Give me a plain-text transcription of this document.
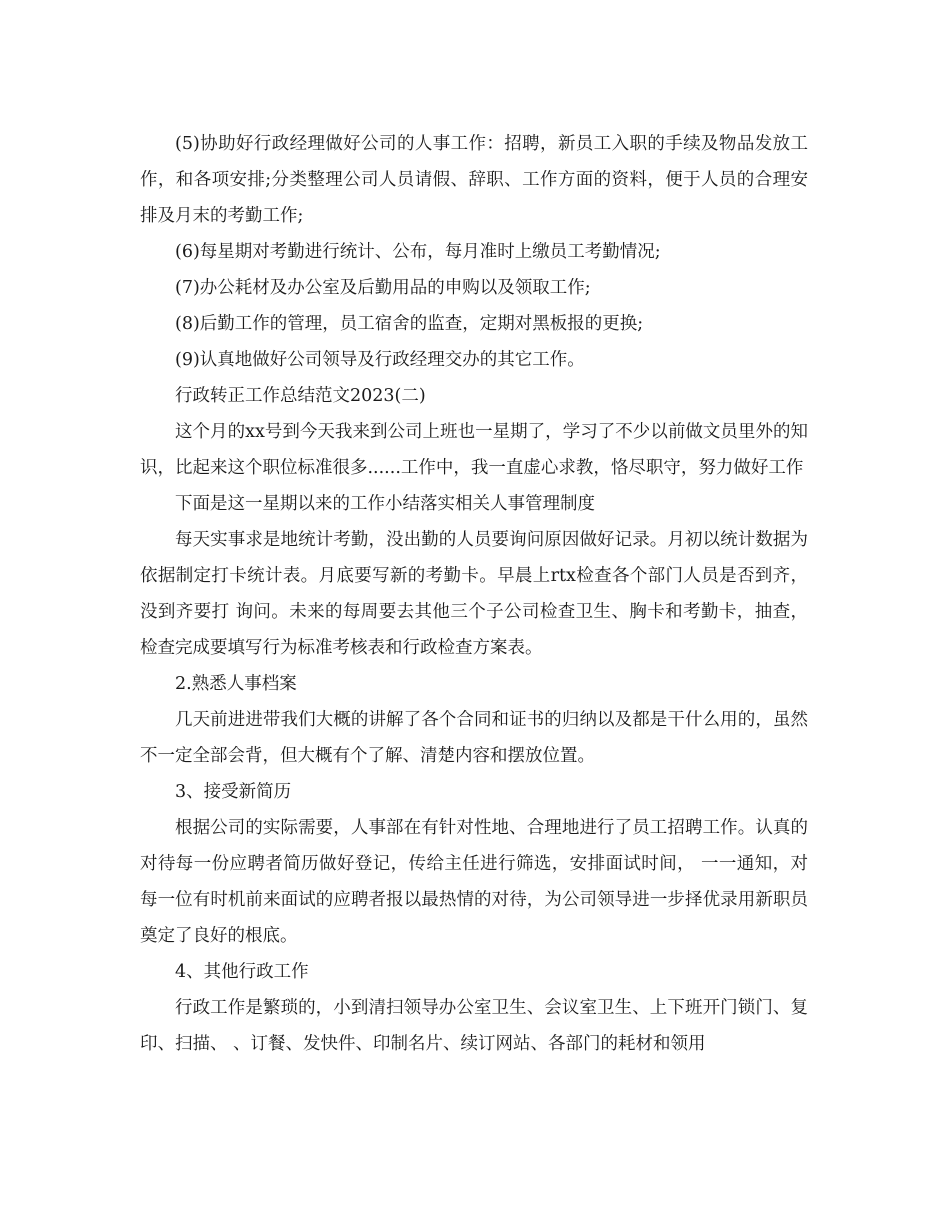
(5)协助好行政经理做好公司的人事工作：招聘，新员工入职的手续及物品发放工作，和各项安排;分类整理公司人员请假、辞职、工作方面的资料，便于人员的合理安排及月末的考勤工作;

(6)每星期对考勤进行统计、公布，每月准时上缴员工考勤情况;

(7)办公耗材及办公室及后勤用品的申购以及领取工作;

(8)后勤工作的管理，员工宿舍的监查，定期对黑板报的更换;

(9)认真地做好公司领导及行政经理交办的其它工作。

行政转正工作总结范文2023(二)

这个月的xx号到今天我来到公司上班也一星期了，学习了不少以前做文员里外的知识，比起来这个职位标准很多......工作中，我一直虚心求教，恪尽职守，努力做好工作

下面是这一星期以来的工作小结落实相关人事管理制度

每天实事求是地统计考勤，没出勤的人员要询问原因做好记录。月初以统计数据为依据制定打卡统计表。月底要写新的考勤卡。早晨上rtx检查各个部门人员是否到齐，没到齐要打 询问。未来的每周要去其他三个子公司检查卫生、胸卡和考勤卡，抽查，检查完成要填写行为标准考核表和行政检查方案表。

2.熟悉人事档案

几天前进进带我们大概的讲解了各个合同和证书的归纳以及都是干什么用的，虽然不一定全部会背，但大概有个了解、清楚内容和摆放位置。

3、接受新简历

根据公司的实际需要，人事部在有针对性地、合理地进行了员工招聘工作。认真的对待每一份应聘者简历做好登记，传给主任进行筛选，安排面试时间， 一一通知，对每一位有时机前来面试的应聘者报以最热情的对待，为公司领导进一步择优录用新职员奠定了良好的根底。

4、其他行政工作

行政工作是繁琐的，小到清扫领导办公室卫生、会议室卫生、上下班开门锁门、复印、扫描、 、订餐、发快件、印制名片、续订网站、各部门的耗材和领用
